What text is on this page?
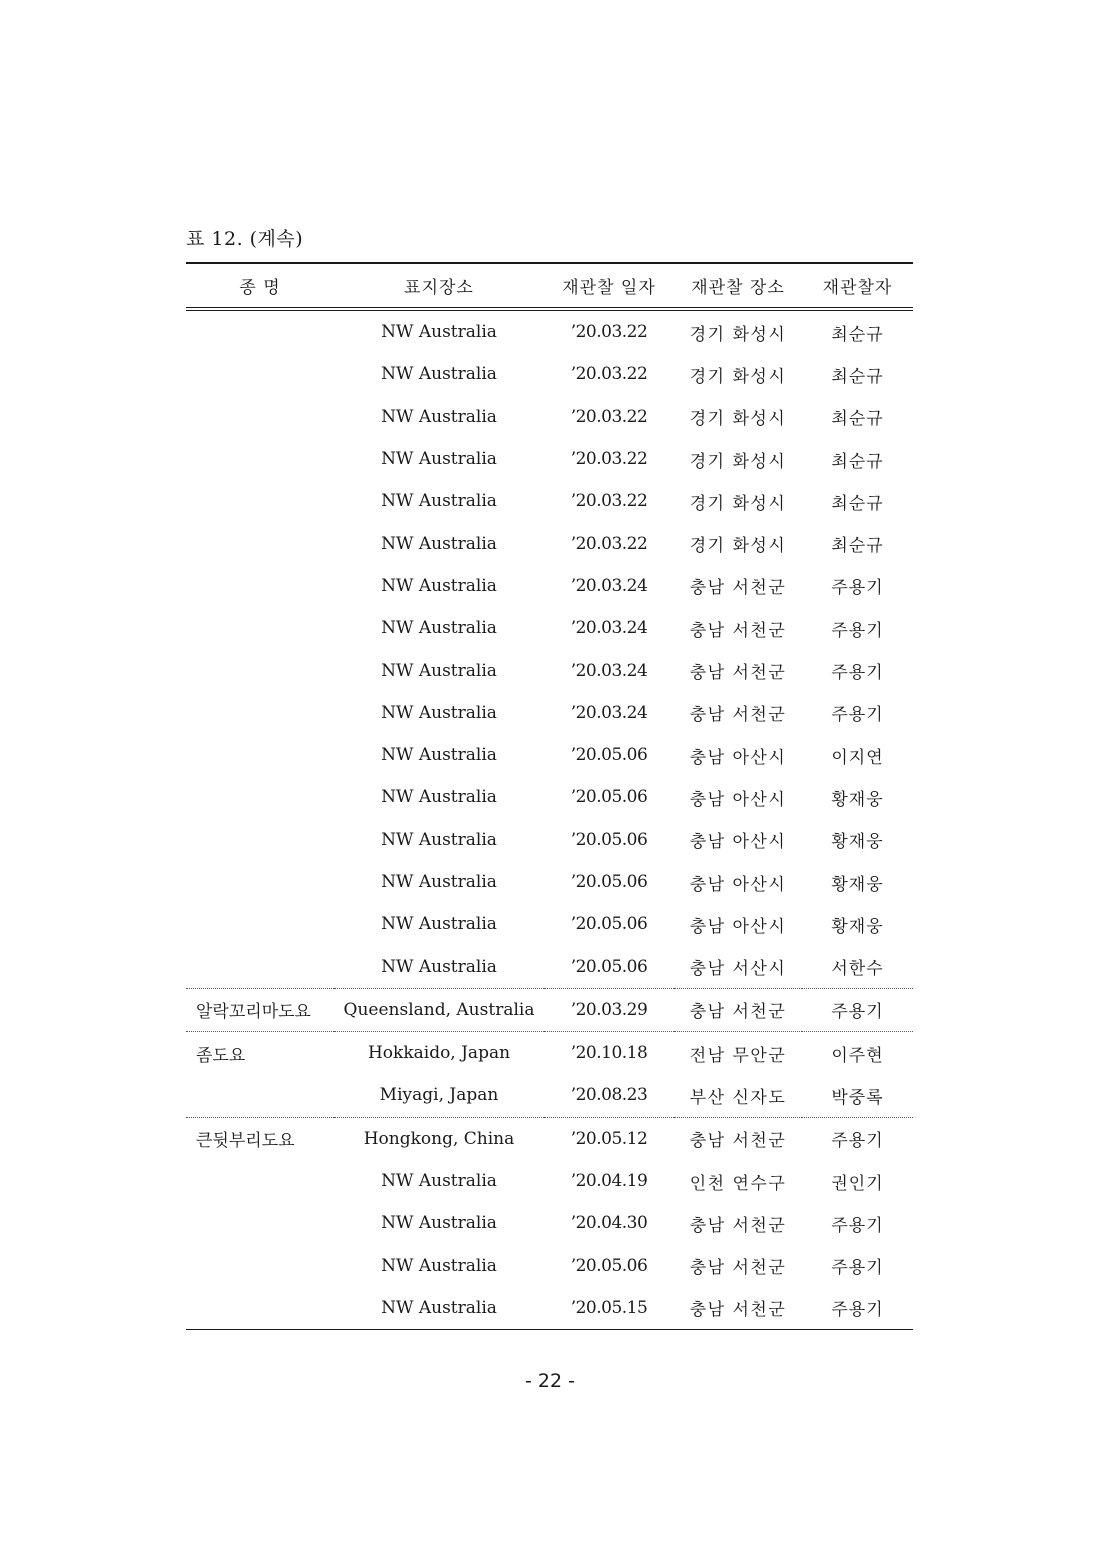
표 12. (계속)
종 명	표지장소	재관찰 일자	재관찰 장소	재관찰자
	NW Australia	’20.03.22	경기 화성시	최순규
	NW Australia	’20.03.22	경기 화성시	최순규
	NW Australia	’20.03.22	경기 화성시	최순규
	NW Australia	’20.03.22	경기 화성시	최순규
	NW Australia	’20.03.22	경기 화성시	최순규
	NW Australia	’20.03.22	경기 화성시	최순규
	NW Australia	’20.03.24	충남 서천군	주용기
	NW Australia	’20.03.24	충남 서천군	주용기
	NW Australia	’20.03.24	충남 서천군	주용기
	NW Australia	’20.03.24	충남 서천군	주용기
	NW Australia	’20.05.06	충남 아산시	이지연
	NW Australia	’20.05.06	충남 아산시	황재웅
	NW Australia	’20.05.06	충남 아산시	황재웅
	NW Australia	’20.05.06	충남 아산시	황재웅
	NW Australia	’20.05.06	충남 아산시	황재웅
	NW Australia	’20.05.06	충남 서산시	서한수
알락꼬리마도요	Queensland, Australia	’20.03.29	충남 서천군	주용기
좀도요	Hokkaido, Japan	’20.10.18	전남 무안군	이주현
	Miyagi, Japan	’20.08.23	부산 신자도	박중록
큰뒷부리도요	Hongkong, China	’20.05.12	충남 서천군	주용기
	NW Australia	’20.04.19	인천 연수구	권인기
	NW Australia	’20.04.30	충남 서천군	주용기
	NW Australia	’20.05.06	충남 서천군	주용기
	NW Australia	’20.05.15	충남 서천군	주용기
- 22 -
